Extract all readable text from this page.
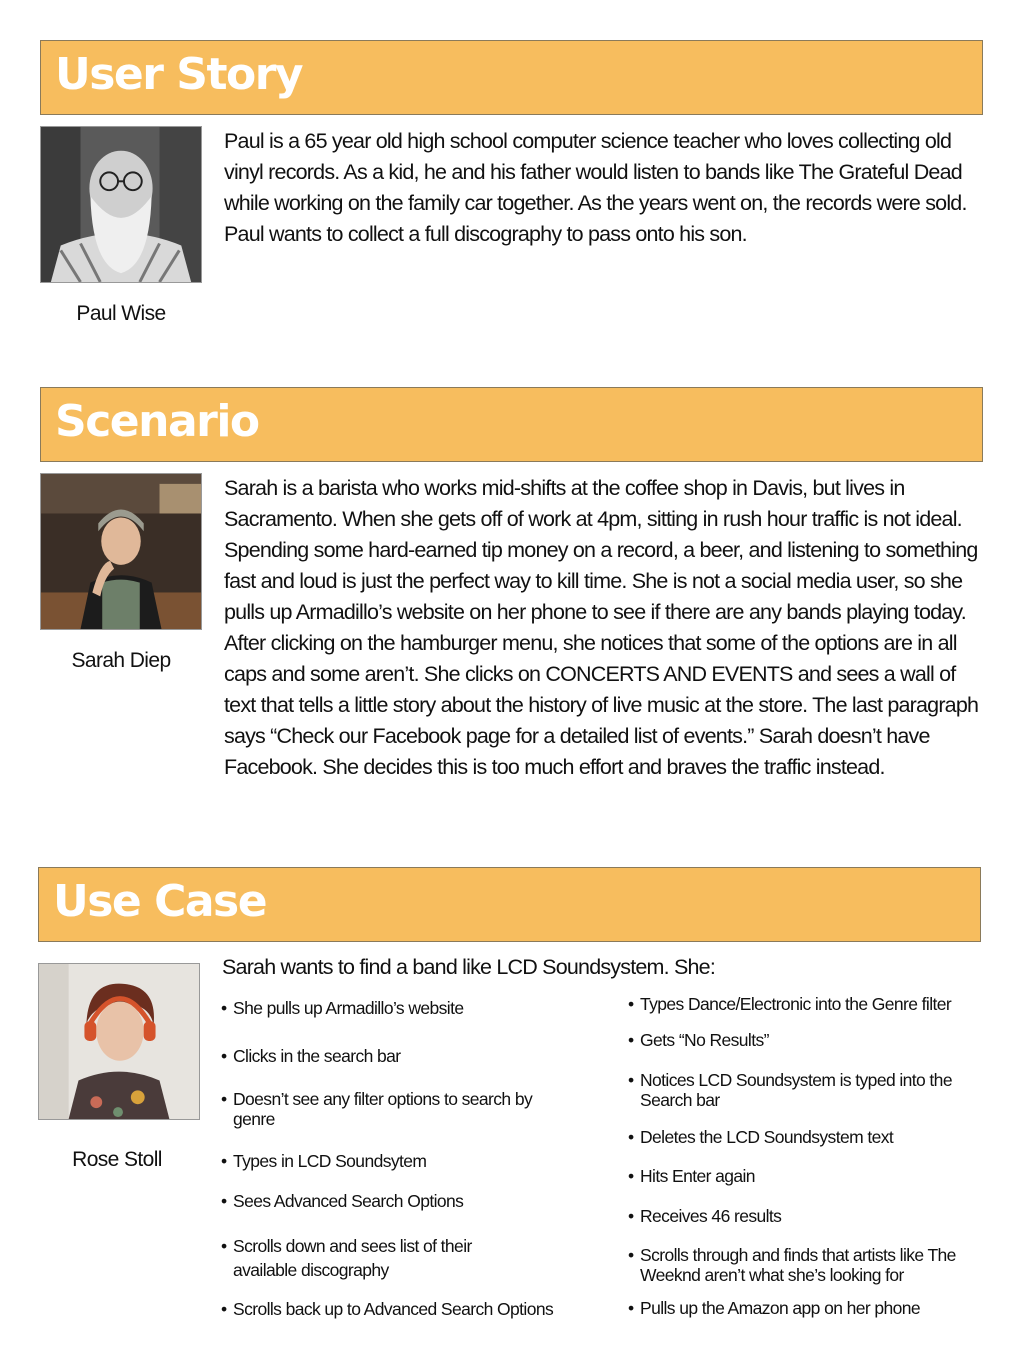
User Story
Paul Wise

Paul is a 65 year old high school computer science teacher who loves collecting old vinyl records. As a kid, he and his father would listen to bands like The Grateful Dead while working on the family car together. As the years went on, the records were sold. Paul wants to collect a full discography to pass onto his son.

Scenario
Sarah Diep

Sarah is a barista who works mid-shifts at the coffee shop in Davis, but lives in Sacramento. When she gets off of work at 4pm, sitting in rush hour traffic is not ideal. Spending some hard-earned tip money on a record, a beer, and listening to something fast and loud is just the perfect way to kill time. She is not a social media user, so she pulls up Armadillo’s website on her phone to see if there are any bands playing today. After clicking on the hamburger menu, she notices that some of the options are in all caps and some aren’t. She clicks on CONCERTS AND EVENTS and sees a wall of text that tells a little story about the history of live music at the store. The last paragraph says “Check our Facebook page for a detailed list of events.” Sarah doesn’t have Facebook. She decides this is too much effort and braves the traffic instead.

Use Case
Rose Stoll

Sarah wants to find a band like LCD Soundsystem. She:

• She pulls up Armadillo’s website
• Clicks in the search bar
• Doesn’t see any filter options to search by genre
• Types in LCD Soundsytem
• Sees Advanced Search Options
• Scrolls down and sees list of their available discography
• Scrolls back up to Advanced Search Options
• Types Dance/Electronic into the Genre filter
• Gets “No Results”
• Notices LCD Soundsystem is typed into the Search bar
• Deletes the LCD Soundsystem text
• Hits Enter again
• Receives 46 results
• Scrolls through and finds that artists like The Weeknd aren’t what she’s looking for
• Pulls up the Amazon app on her phone
